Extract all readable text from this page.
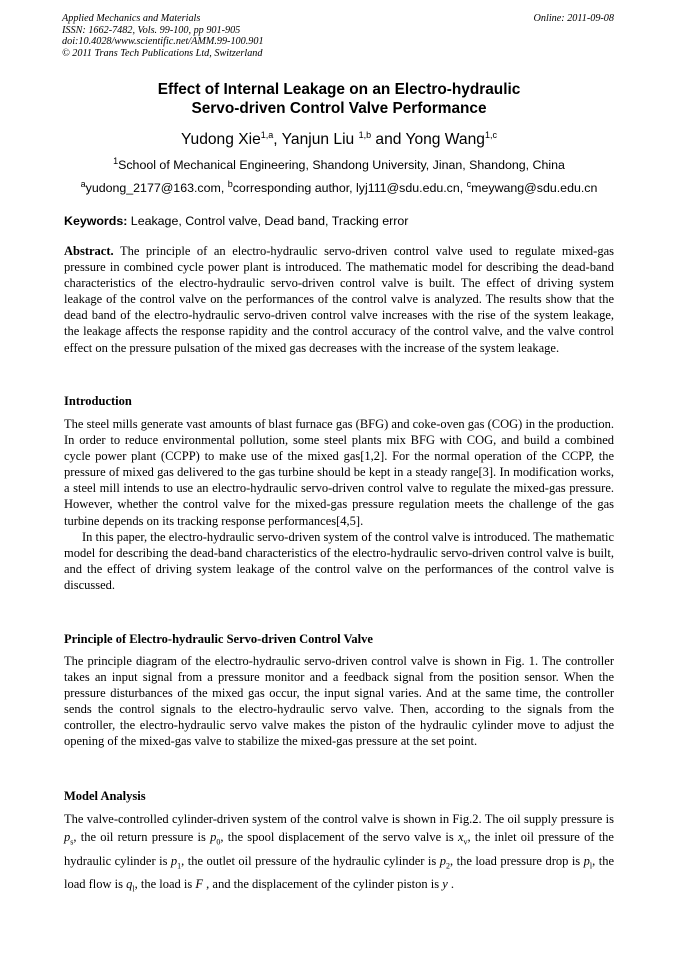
Applied Mechanics and Materials
ISSN: 1662-7482, Vols. 99-100, pp 901-905
doi:10.4028/www.scientific.net/AMM.99-100.901
© 2011 Trans Tech Publications Ltd, Switzerland
Online: 2011-09-08
Effect of Internal Leakage on an Electro-hydraulic
Servo-driven Control Valve Performance
Yudong Xie$^{1,a}$, Yanjun Liu $^{1,b}$ and Yong Wang$^{1,c}$
$^1$School of Mechanical Engineering, Shandong University, Jinan, Shandong, China
$^a$yudong_2177@163.com, $^b$corresponding author, lyj111@sdu.edu.cn, $^c$meywang@sdu.edu.cn
Keywords: Leakage, Control valve, Dead band, Tracking error

Abstract. The principle of an electro-hydraulic servo-driven control valve used to regulate mixed-gas pressure in combined cycle power plant is introduced. The mathematic model for describing the dead-band characteristics of the electro-hydraulic servo-driven control valve is built. The effect of driving system leakage of the control valve on the performances of the control valve is analyzed. The results show that the dead band of the electro-hydraulic servo-driven control valve increases with the rise of the system leakage, the leakage affects the response rapidity and the control accuracy of the control valve, and the valve control effect on the pressure pulsation of the mixed gas decreases with the increase of the system leakage.

Introduction

The steel mills generate vast amounts of blast furnace gas (BFG) and coke-oven gas (COG) in the production. In order to reduce environmental pollution, some steel plants mix BFG with COG, and build a combined cycle power plant (CCPP) to make use of the mixed gas[1,2]. For the normal operation of the CCPP, the pressure of mixed gas delivered to the gas turbine should be kept in a steady range[3]. In modification works, a steel mill intends to use an electro-hydraulic servo-driven control valve to regulate the mixed-gas pressure. However, whether the control valve for the mixed-gas pressure regulation meets the challenge of the gas turbine depends on its tracking response performances[4,5].

In this paper, the electro-hydraulic servo-driven system of the control valve is introduced. The mathematic model for describing the dead-band characteristics of the electro-hydraulic servo-driven control valve is built, and the effect of driving system leakage of the control valve on the performances of the control valve is discussed.

Principle of Electro-hydraulic Servo-driven Control Valve

The principle diagram of the electro-hydraulic servo-driven control valve is shown in Fig. 1. The controller takes an input signal from a pressure monitor and a feedback signal from the position sensor. When the pressure disturbances of the mixed gas occur, the input signal varies. And at the same time, the controller sends the control signals to the electro-hydraulic servo valve. Then, according to the signals from the controller, the electro-hydraulic servo valve makes the piston of the hydraulic cylinder move to adjust the opening of the mixed-gas valve to stabilize the mixed-gas pressure at the set point.

Model Analysis

The valve-controlled cylinder-driven system of the control valve is shown in Fig.2. The oil supply pressure is $p_s$, the oil return pressure is $p_0$, the spool displacement of the servo valve is $x_v$, the inlet oil pressure of the hydraulic cylinder is $p_1$, the outlet oil pressure of the hydraulic cylinder is $p_2$, the load pressure drop is $p_l$, the load flow is $q_l$, the load is F , and the displacement of the cylinder piston is y .
